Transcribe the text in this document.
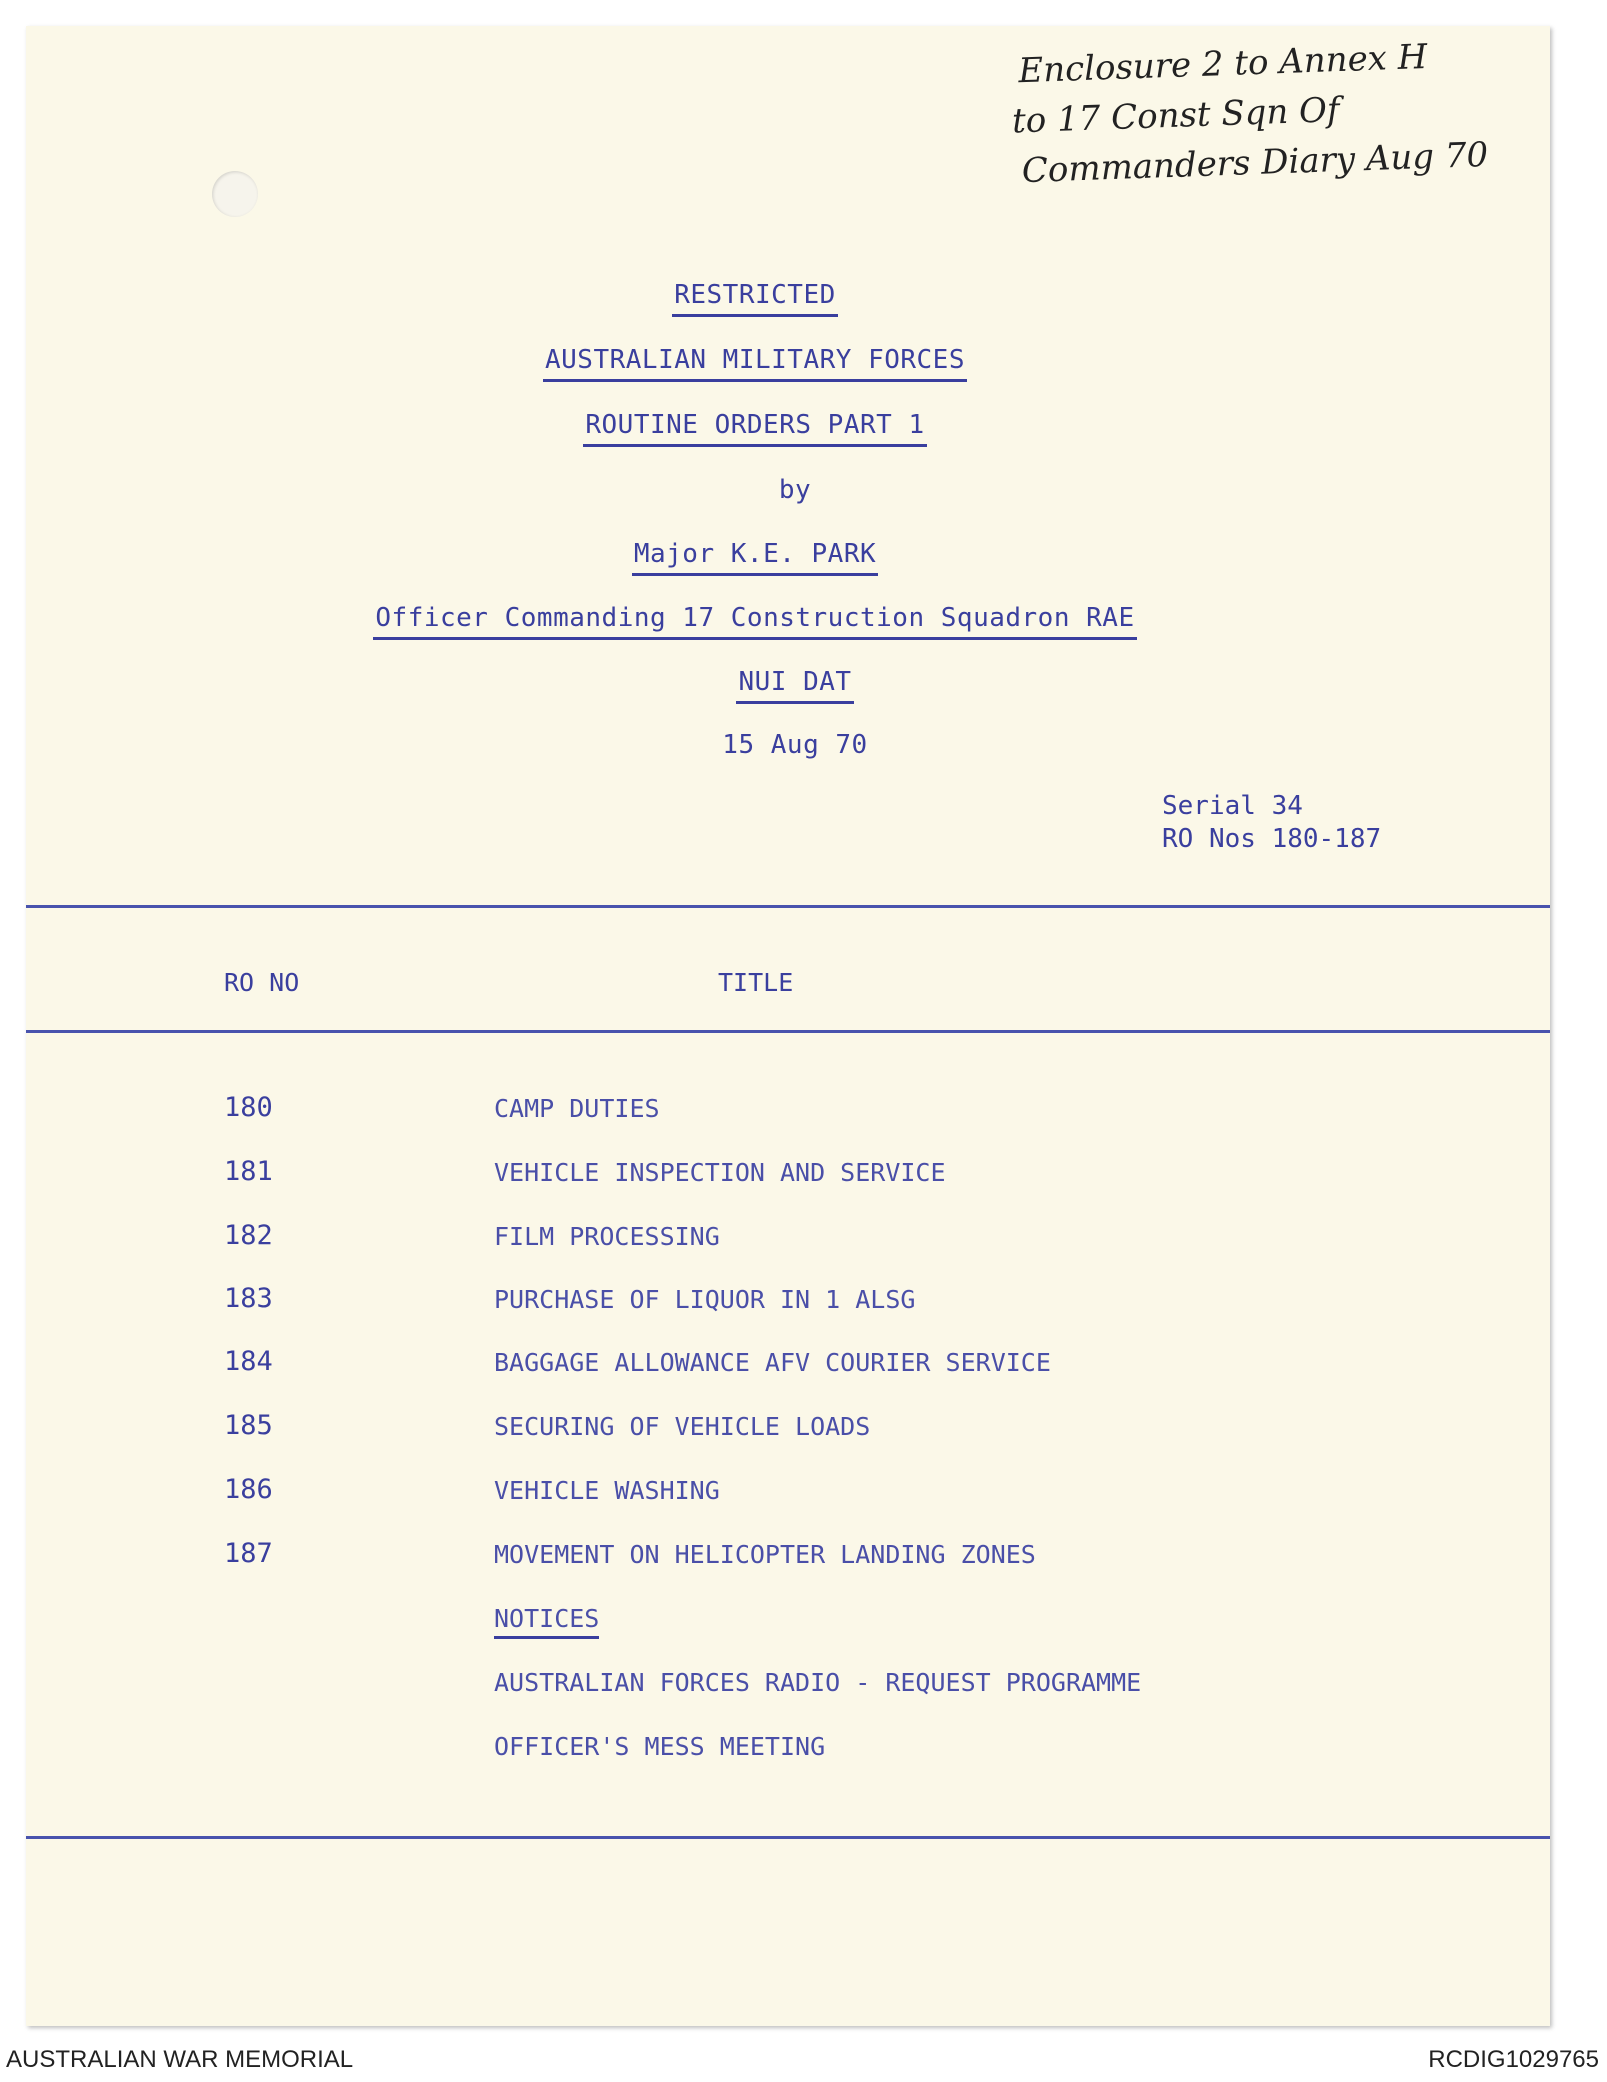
Enclosure 2 to Annex H
to 17 Const Sqn Of
Commanders Diary Aug 70
RESTRICTED
AUSTRALIAN MILITARY FORCES
ROUTINE ORDERS PART 1
by
Major K.E. PARK
Officer Commanding 17 Construction Squadron RAE
NUI DAT
15 Aug 70
Serial 34
RO Nos 180-187
RO NO	TITLE
180	CAMP DUTIES
181	VEHICLE INSPECTION AND SERVICE
182	FILM PROCESSING
183	PURCHASE OF LIQUOR IN 1 ALSG
184	BAGGAGE ALLOWANCE AFV COURIER SERVICE
185	SECURING OF VEHICLE LOADS
186	VEHICLE WASHING
187	MOVEMENT ON HELICOPTER LANDING ZONES
NOTICES
AUSTRALIAN FORCES RADIO - REQUEST PROGRAMME
OFFICER'S MESS MEETING
AUSTRALIAN WAR MEMORIAL	RCDIG1029765
